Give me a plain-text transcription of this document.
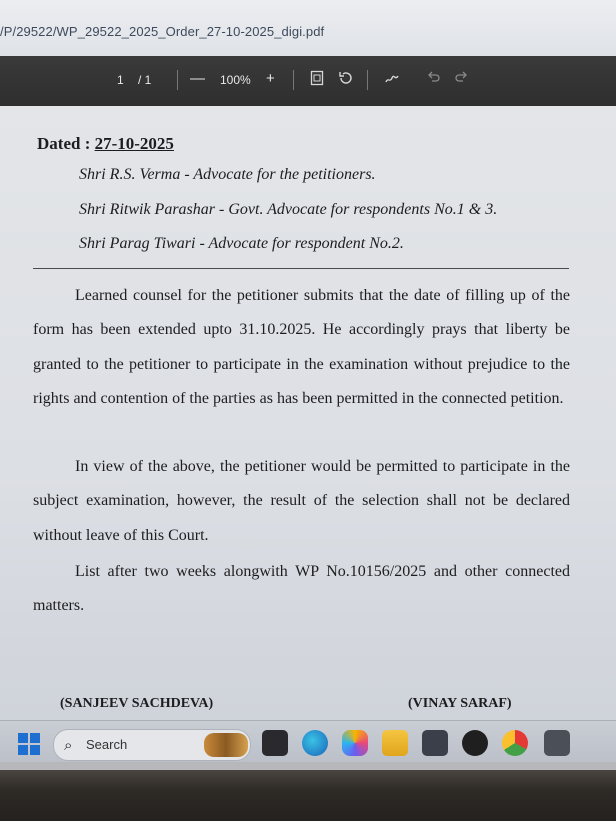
/P/29522/WP_29522_2025_Order_27-10-2025_digi.pdf
1 / 1	— 100% +
Dated : 27-10-2025
Shri R.S. Verma - Advocate for the petitioners.
Shri Ritwik Parashar - Govt. Advocate for respondents No.1 & 3.
Shri Parag Tiwari - Advocate for respondent No.2.
Learned counsel for the petitioner submits that the date of filling up of the form has been extended upto 31.10.2025. He accordingly prays that liberty be granted to the petitioner to participate in the examination without prejudice to the rights and contention of the parties as has been permitted in the connected petition.
In view of the above, the petitioner would be permitted to participate in the subject examination, however, the result of the selection shall not be declared without leave of this Court.
List after two weeks alongwith WP No.10156/2025 and other connected matters.
(SANJEEV SACHDEVA)	(VINAY SARAF)
⌕ Search
